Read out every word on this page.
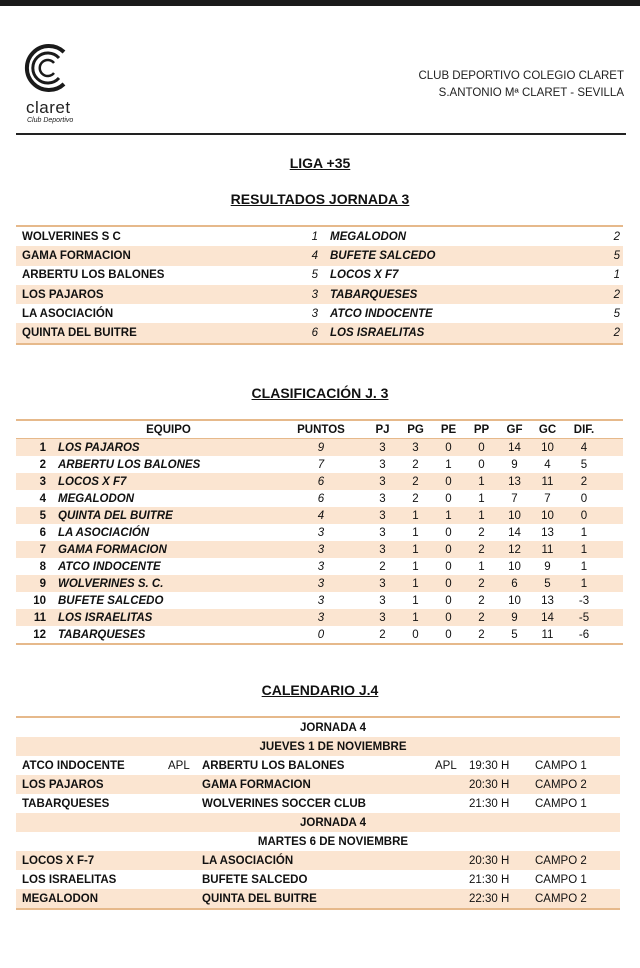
claret
Club Deportivo
CLUB DEPORTIVO COLEGIO CLARET
S.ANTONIO Mª CLARET - SEVILLA
LIGA +35
RESULTADOS JORNADA 3
WOLVERINES S C	1	MEGALODON	2
GAMA FORMACION	4	BUFETE SALCEDO	5
ARBERTU LOS BALONES	5	LOCOS X F7	1
LOS PAJAROS	3	TABARQUESES	2
LA ASOCIACIÓN	3	ATCO INDOCENTE	5
QUINTA DEL BUITRE	6	LOS ISRAELITAS	2
CLASIFICACIÓN J. 3
EQUIPO	PUNTOS	PJ	PG	PE	PP	GF	GC	DIF.
1	LOS PAJAROS	9	3	3	0	0	14	10	4
2	ARBERTU LOS BALONES	7	3	2	1	0	9	4	5
3	LOCOS X F7	6	3	2	0	1	13	11	2
4	MEGALODON	6	3	2	0	1	7	7	0
5	QUINTA DEL BUITRE	4	3	1	1	1	10	10	0
6	LA ASOCIACIÓN	3	3	1	0	2	14	13	1
7	GAMA FORMACION	3	3	1	0	2	12	11	1
8	ATCO INDOCENTE	3	2	1	0	1	10	9	1
9	WOLVERINES S. C.	3	3	1	0	2	6	5	1
10	BUFETE SALCEDO	3	3	1	0	2	10	13	-3
11	LOS ISRAELITAS	3	3	1	0	2	9	14	-5
12	TABARQUESES	0	2	0	0	2	5	11	-6
CALENDARIO J.4
JORNADA 4
JUEVES 1 DE NOVIEMBRE
ATCO INDOCENTE	APL	ARBERTU LOS BALONES	APL	19:30 H	CAMPO 1
LOS PAJAROS	GAMA FORMACION	20:30 H	CAMPO 2
TABARQUESES	WOLVERINES SOCCER CLUB	21:30 H	CAMPO 1
JORNADA 4
MARTES 6 DE NOVIEMBRE
LOCOS X F-7	LA ASOCIACIÓN	20:30 H	CAMPO 2
LOS ISRAELITAS	BUFETE SALCEDO	21:30 H	CAMPO 1
MEGALODON	QUINTA DEL BUITRE	22:30 H	CAMPO 2
